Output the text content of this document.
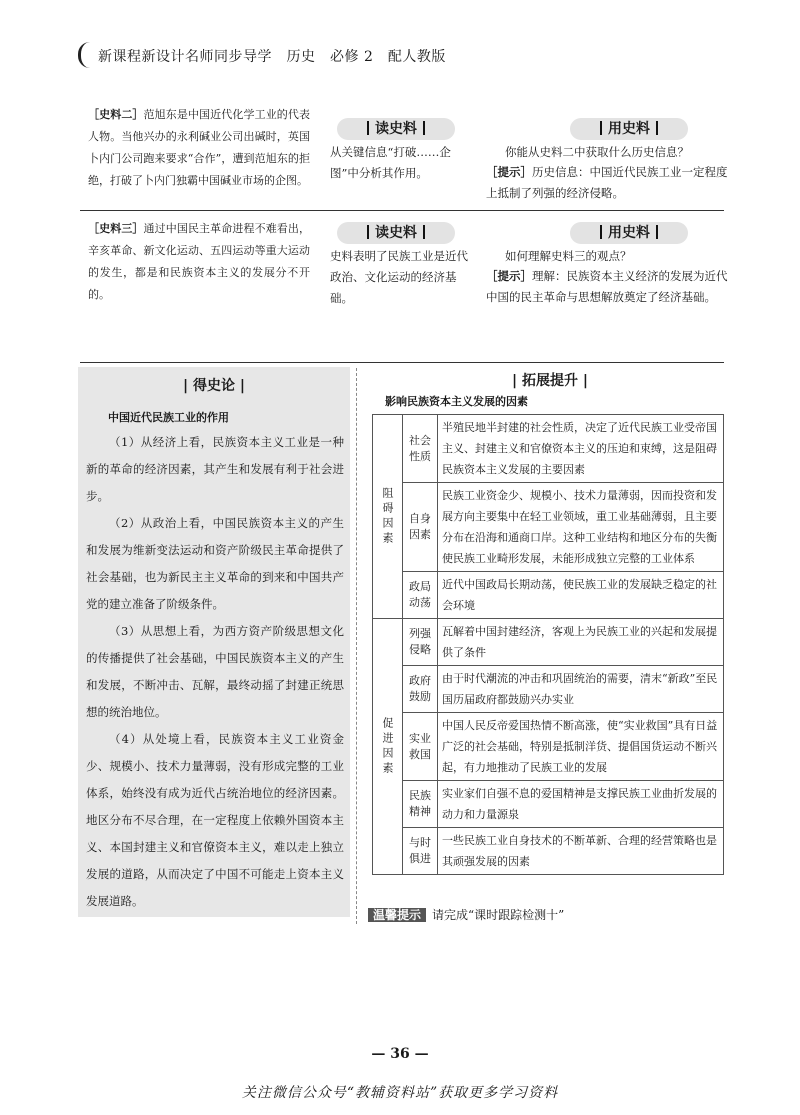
新课程新设计名师同步导学　历史　必修 2　配人教版
［史料二］范旭东是中国近代化学工业的代表人物。当他兴办的永利碱业公司出碱时，英国卜内门公司跑来要求“合作”，遭到范旭东的拒绝，打破了卜内门独霸中国碱业市场的企图。
读史料
从关键信息“打破……企图”中分析其作用。
用史料
你能从史料二中获取什么历史信息？
［提示］历史信息：中国近代民族工业一定程度上抵制了列强的经济侵略。
［史料三］通过中国民主革命进程不难看出，辛亥革命、新文化运动、五四运动等重大运动的发生，都是和民族资本主义的发展分不开的。
读史料
史料表明了民族工业是近代政治、文化运动的经济基础。
用史料
如何理解史料三的观点？
［提示］理解：民族资本主义经济的发展为近代中国的民主革命与思想解放奠定了经济基础。
| 得史论 |
中国近代民族工业的作用
（1）从经济上看，民族资本主义工业是一种新的革命的经济因素，其产生和发展有利于社会进步。
（2）从政治上看，中国民族资本主义的产生和发展为维新变法运动和资产阶级民主革命提供了社会基础，也为新民主主义革命的到来和中国共产党的建立准备了阶级条件。
（3）从思想上看，为西方资产阶级思想文化的传播提供了社会基础，中国民族资本主义的产生和发展，不断冲击、瓦解，最终动摇了封建正统思想的统治地位。
（4）从处境上看，民族资本主义工业资金少、规模小、技术力量薄弱，没有形成完整的工业体系，始终没有成为近代占统治地位的经济因素。地区分布不尽合理，在一定程度上依赖外国资本主义、本国封建主义和官僚资本主义，难以走上独立发展的道路，从而决定了中国不可能走上资本主义发展道路。
| 拓展提升 |
影响民族资本主义发展的因素
阻碍因素	社会性质	半殖民地半封建的社会性质，决定了近代民族工业受帝国主义、封建主义和官僚资本主义的压迫和束缚，这是阻碍民族资本主义发展的主要因素
	自身因素	民族工业资金少、规模小、技术力量薄弱，因而投资和发展方向主要集中在轻工业领域，重工业基础薄弱，且主要分布在沿海和通商口岸。这种工业结构和地区分布的失衡使民族工业畸形发展，未能形成独立完整的工业体系
	政局动荡	近代中国政局长期动荡，使民族工业的发展缺乏稳定的社会环境
促进因素	列强侵略	瓦解着中国封建经济，客观上为民族工业的兴起和发展提供了条件
	政府鼓励	由于时代潮流的冲击和巩固统治的需要，清末“新政”至民国历届政府都鼓励兴办实业
	实业救国	中国人民反帝爱国热情不断高涨，使“实业救国”具有日益广泛的社会基础，特别是抵制洋货、提倡国货运动不断兴起，有力地推动了民族工业的发展
	民族精神	实业家们自强不息的爱国精神是支撑民族工业曲折发展的动力和力量源泉
	与时俱进	一些民族工业自身技术的不断革新、合理的经营策略也是其顽强发展的因素
温馨提示 请完成“课时跟踪检测十”
— 36 —
关注微信公众号“教辅资料站”获取更多学习资料
